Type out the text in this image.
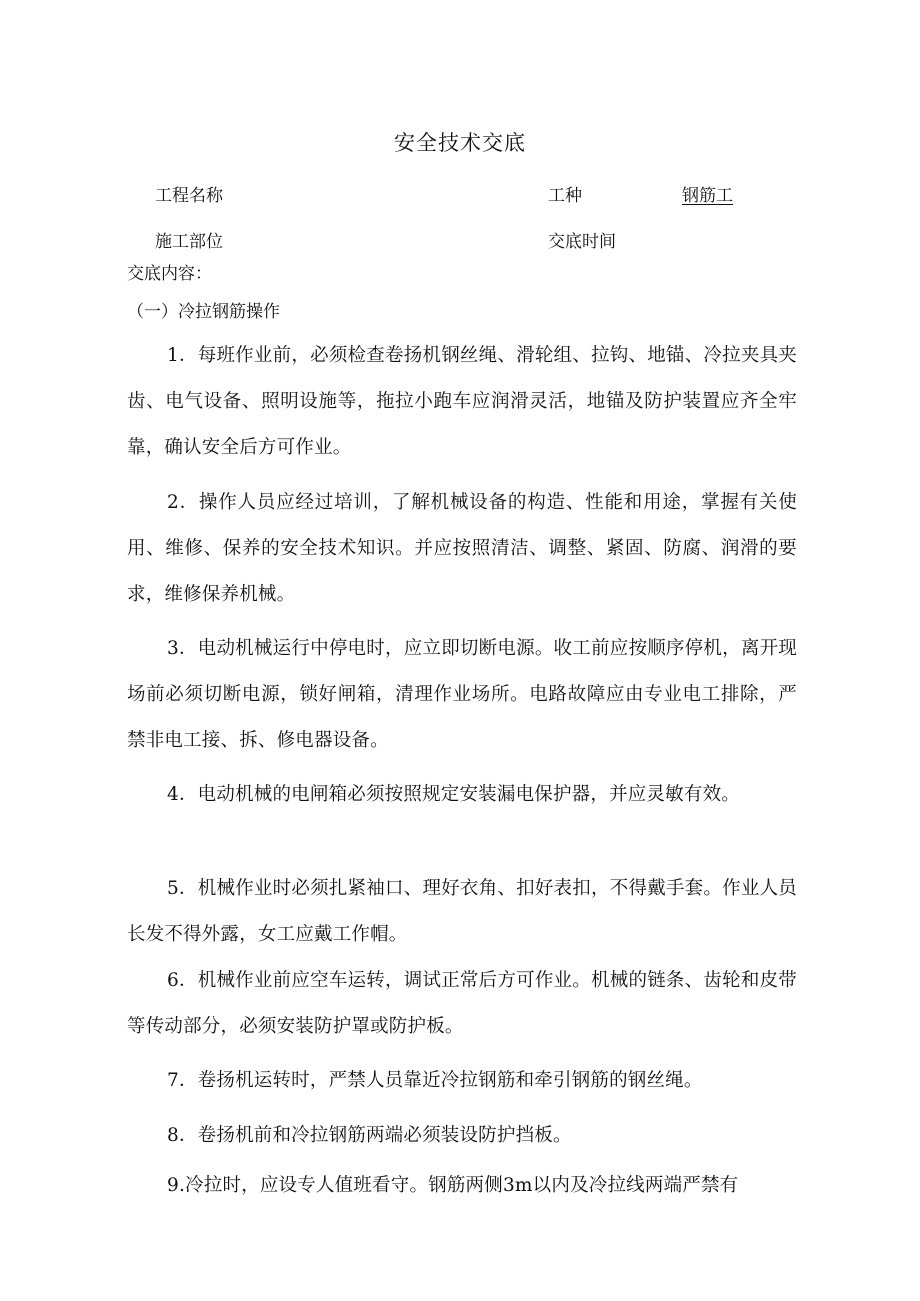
安全技术交底
工程名称	工种	钢筋工
施工部位	交底时间
交底内容：
（一）冷拉钢筋操作
1．每班作业前，必须检查卷扬机钢丝绳、滑轮组、拉钩、地锚、冷拉夹具夹齿、电气设备、照明设施等，拖拉小跑车应润滑灵活，地锚及防护装置应齐全牢靠，确认安全后方可作业。
2．操作人员应经过培训，了解机械设备的构造、性能和用途，掌握有关使用、维修、保养的安全技术知识。并应按照清洁、调整、紧固、防腐、润滑的要求，维修保养机械。
3．电动机械运行中停电时，应立即切断电源。收工前应按顺序停机，离开现场前必须切断电源，锁好闸箱，清理作业场所。电路故障应由专业电工排除，严禁非电工接、拆、修电器设备。
4．电动机械的电闸箱必须按照规定安装漏电保护器，并应灵敏有效。
5．机械作业时必须扎紧袖口、理好衣角、扣好表扣，不得戴手套。作业人员长发不得外露，女工应戴工作帽。
6．机械作业前应空车运转，调试正常后方可作业。机械的链条、齿轮和皮带等传动部分，必须安装防护罩或防护板。
7．卷扬机运转时，严禁人员靠近冷拉钢筋和牵引钢筋的钢丝绳。
8．卷扬机前和冷拉钢筋两端必须装设防护挡板。
9.冷拉时，应设专人值班看守。钢筋两侧3m以内及冷拉线两端严禁有
